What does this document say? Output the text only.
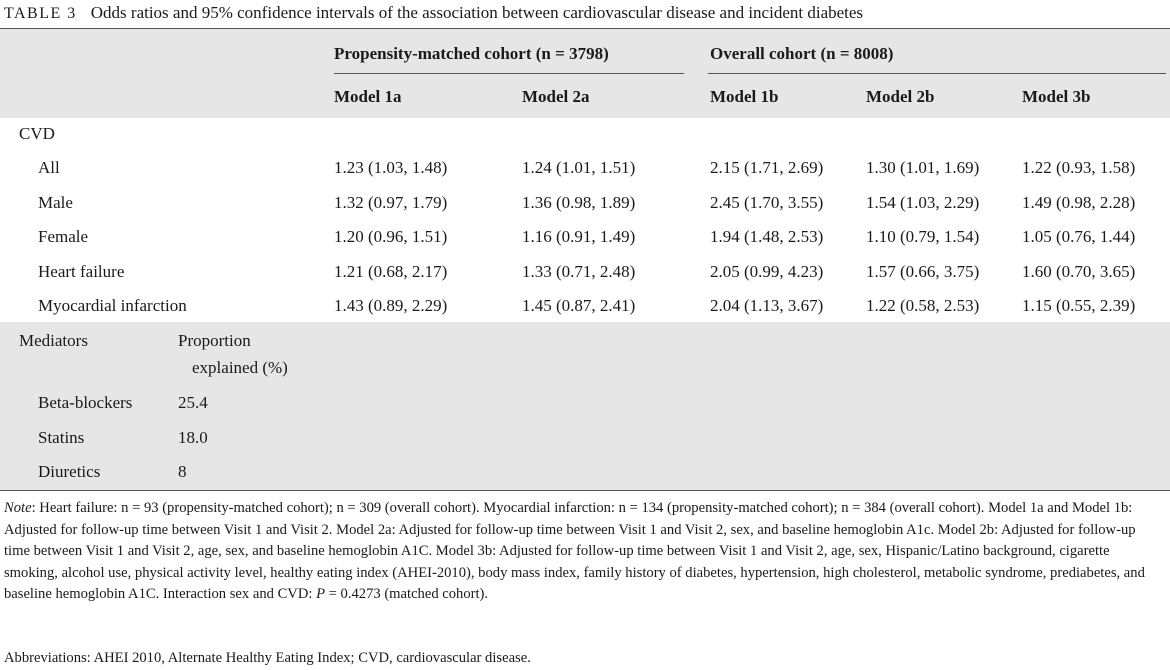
TABLE 3 Odds ratios and 95% confidence intervals of the association between cardiovascular disease and incident diabetes
Propensity-matched cohort (n = 3798)	Overall cohort (n = 8008)
Model 1a	Model 2a	Model 1b	Model 2b	Model 3b
CVD
All	1.23 (1.03, 1.48)	1.24 (1.01, 1.51)	2.15 (1.71, 2.69)	1.30 (1.01, 1.69)	1.22 (0.93, 1.58)
Male	1.32 (0.97, 1.79)	1.36 (0.98, 1.89)	2.45 (1.70, 3.55)	1.54 (1.03, 2.29)	1.49 (0.98, 2.28)
Female	1.20 (0.96, 1.51)	1.16 (0.91, 1.49)	1.94 (1.48, 2.53)	1.10 (0.79, 1.54)	1.05 (0.76, 1.44)
Heart failure	1.21 (0.68, 2.17)	1.33 (0.71, 2.48)	2.05 (0.99, 4.23)	1.57 (0.66, 3.75)	1.60 (0.70, 3.65)
Myocardial infarction	1.43 (0.89, 2.29)	1.45 (0.87, 2.41)	2.04 (1.13, 3.67)	1.22 (0.58, 2.53)	1.15 (0.55, 2.39)
Mediators	Proportion
explained (%)
Beta-blockers	25.4
Statins	18.0
Diuretics	8
Note: Heart failure: n = 93 (propensity-matched cohort); n = 309 (overall cohort). Myocardial infarction: n = 134 (propensity-matched cohort); n = 384 (overall cohort). Model 1a and Model 1b: Adjusted for follow-up time between Visit 1 and Visit 2. Model 2a: Adjusted for follow-up time between Visit 1 and Visit 2, sex, and baseline hemoglobin A1c. Model 2b: Adjusted for follow-up time between Visit 1 and Visit 2, age, sex, and baseline hemoglobin A1C. Model 3b: Adjusted for follow-up time between Visit 1 and Visit 2, age, sex, Hispanic/Latino background, cigarette smoking, alcohol use, physical activity level, healthy eating index (AHEI-2010), body mass index, family history of diabetes, hypertension, high cholesterol, metabolic syndrome, prediabetes, and baseline hemoglobin A1C. Interaction sex and CVD: P = 0.4273 (matched cohort).
Abbreviations: AHEI 2010, Alternate Healthy Eating Index; CVD, cardiovascular disease.
